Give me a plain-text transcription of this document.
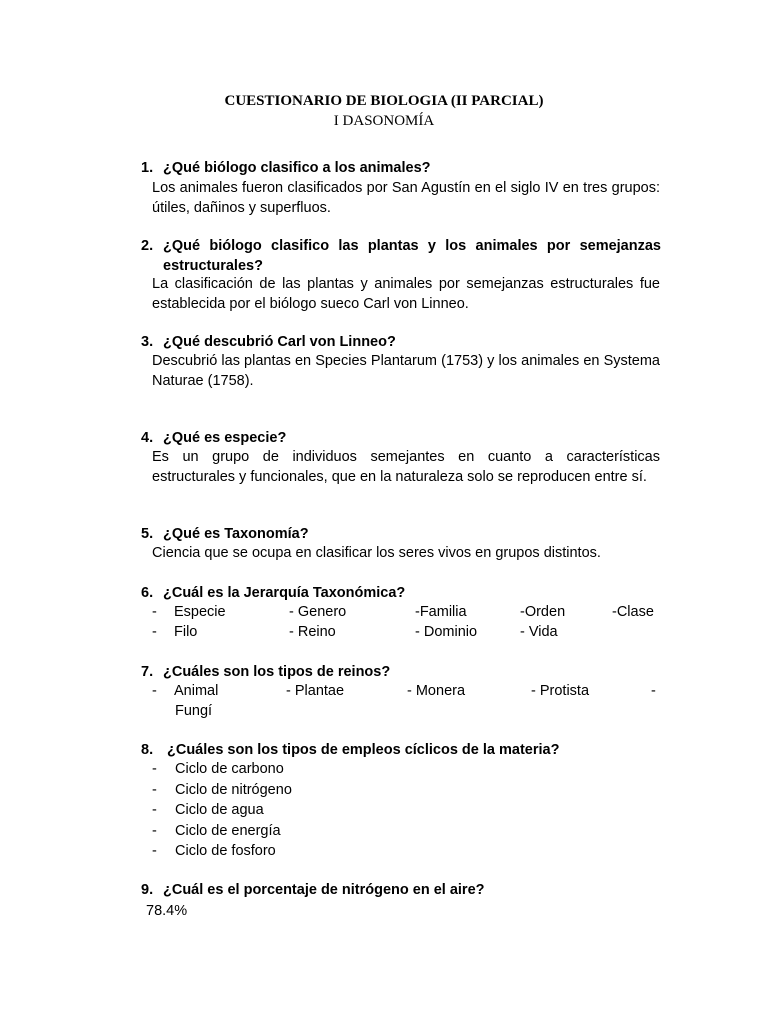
CUESTIONARIO DE BIOLOGIA (II PARCIAL)
I DASONOMÍA
1. ¿Qué biólogo clasifico a los animales?
Los animales fueron clasificados por San Agustín en el siglo IV en tres grupos: útiles, dañinos y superfluos.
2. ¿Qué biólogo clasifico las plantas y los animales por semejanzas estructurales?
La clasificación de las plantas y animales por semejanzas estructurales fue establecida por el biólogo sueco Carl von Linneo.
3. ¿Qué descubrió Carl von Linneo?
Descubrió las plantas en Species Plantarum (1753) y los animales en Systema Naturae (1758).
4. ¿Qué es especie?
Es un grupo de individuos semejantes en cuanto a características estructurales y funcionales, que en la naturaleza solo se reproducen entre sí.
5. ¿Qué es Taxonomía?
Ciencia que se ocupa en clasificar los seres vivos en grupos distintos.
6. ¿Cuál es la Jerarquía Taxonómica?
- Especie	- Genero	-Familia	-Orden	-Clase
- Filo	- Reino	- Dominio	- Vida
7. ¿Cuáles son los tipos de reinos?
- Animal	- Plantae	- Monera	- Protista	-
Fungí
8. ¿Cuáles son los tipos de empleos cíclicos de la materia?
-	Ciclo de carbono
-	Ciclo de nitrógeno
-	Ciclo de agua
-	Ciclo de energía
-	Ciclo de fosforo
9. ¿Cuál es el porcentaje de nitrógeno en el aire?
78.4%
